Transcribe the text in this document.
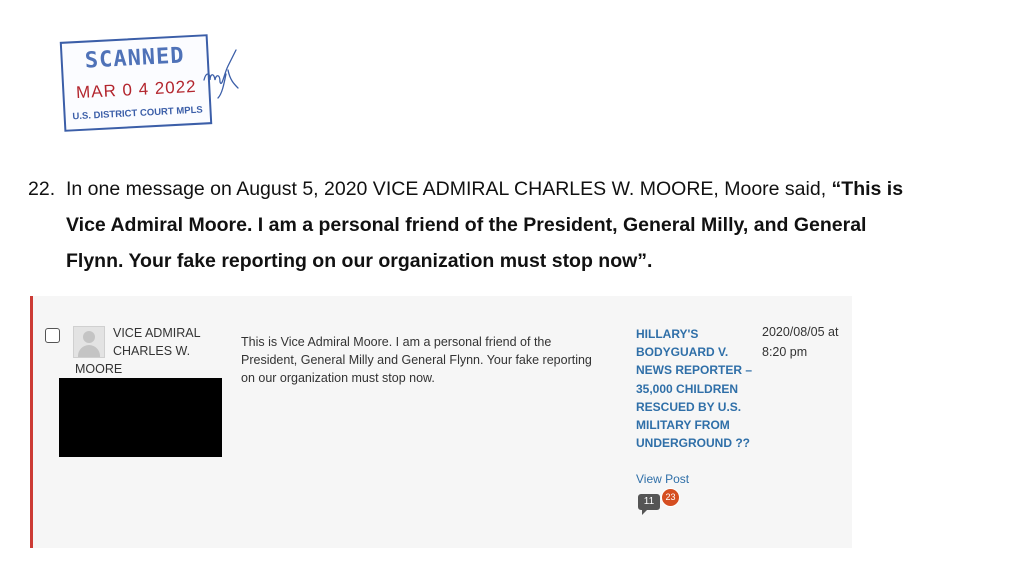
SCANNED
MAR 0 4 2022
U.S. DISTRICT COURT MPLS
22. In one message on August 5, 2020 VICE ADMIRAL CHARLES W. MOORE, Moore said, “This is
Vice Admiral Moore. I am a personal friend of the President, General Milly, and General
Flynn. Your fake reporting on our organization must stop now”.
VICE ADMIRAL
CHARLES W.
MOORE
This is Vice Admiral Moore. I am a personal friend of the President, General Milly and General Flynn. Your fake reporting on our organization must stop now.
HILLARY'S BODYGUARD V. NEWS REPORTER – 35,000 CHILDREN RESCUED BY U.S. MILITARY FROM UNDERGROUND ??
View Post
11	23
2020/08/05 at
8:20 pm
